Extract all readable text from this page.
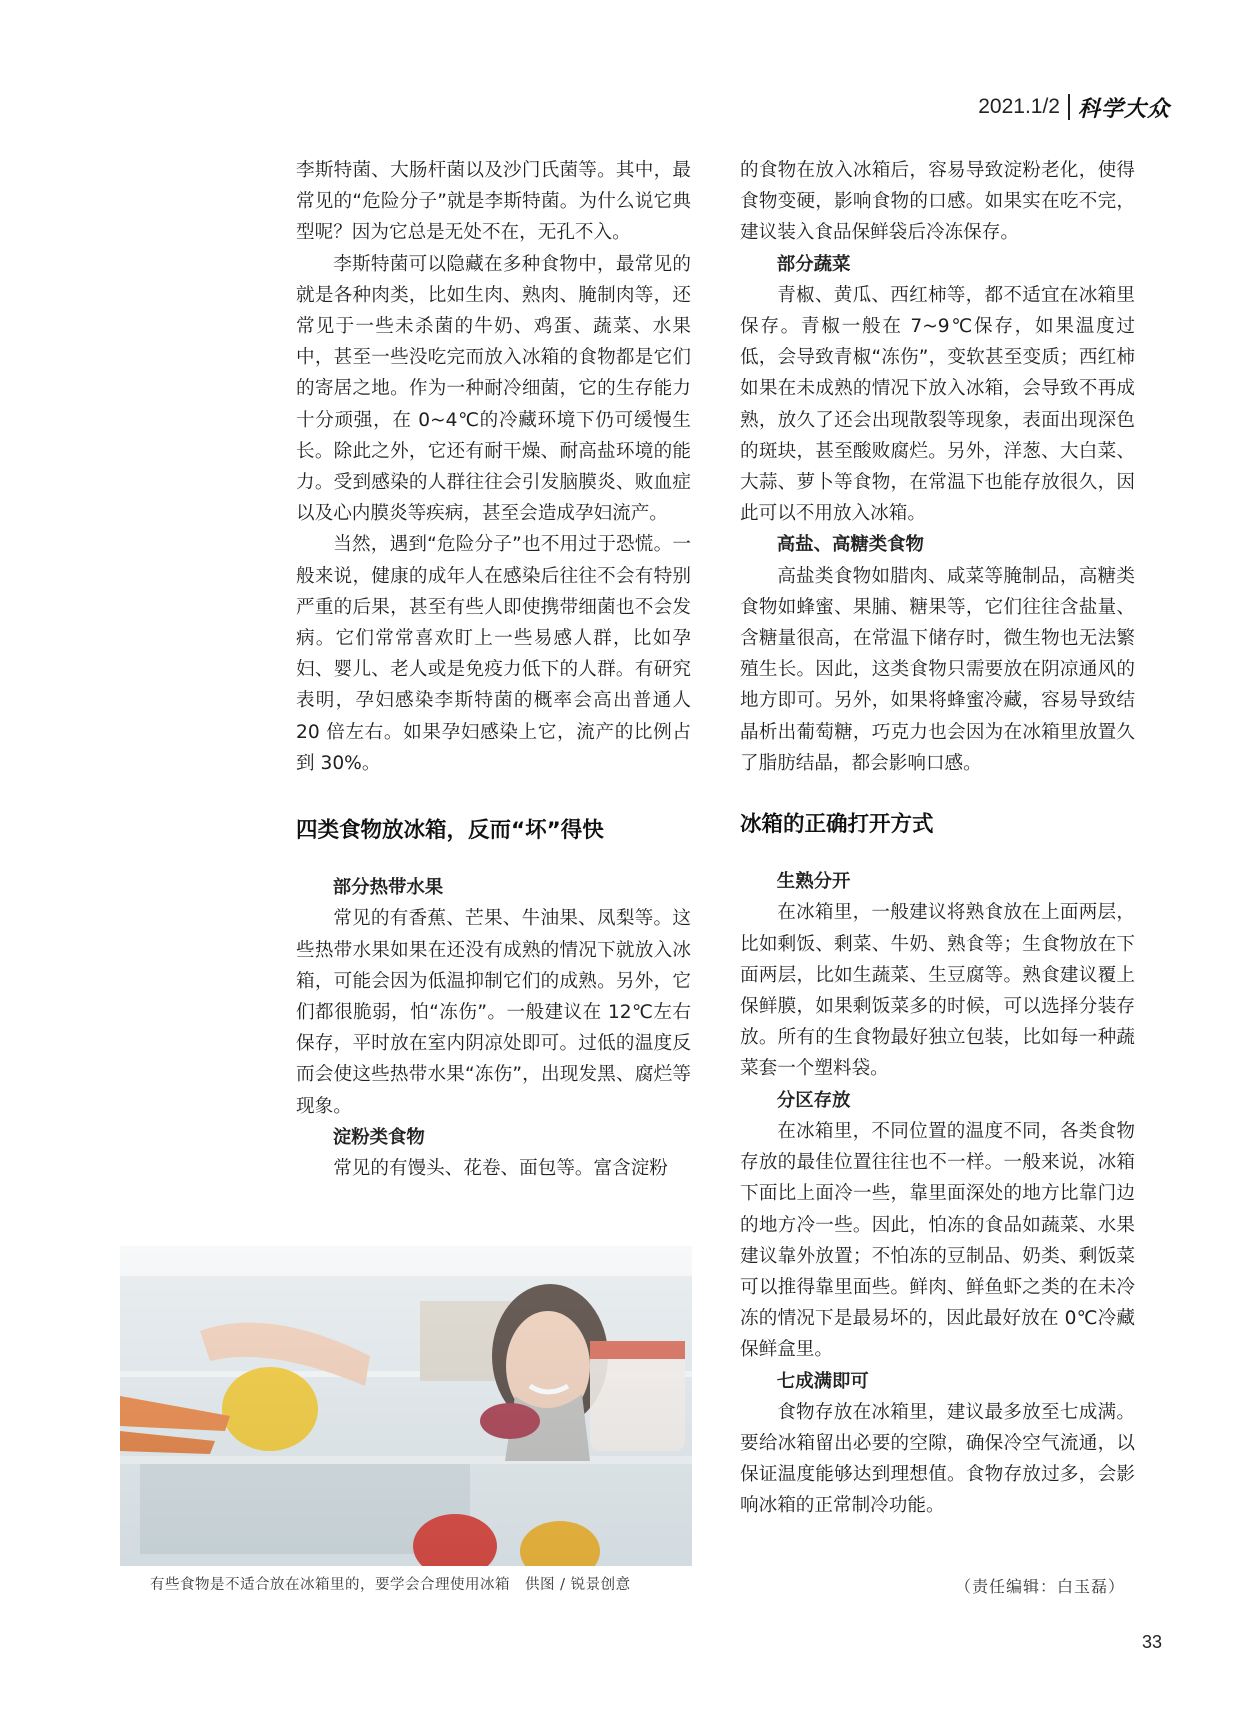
2021.1/2 科学大众

李斯特菌、大肠杆菌以及沙门氏菌等。其中，最常见的“危险分子”就是李斯特菌。为什么说它典型呢？因为它总是无处不在，无孔不入。

李斯特菌可以隐藏在多种食物中，最常见的就是各种肉类，比如生肉、熟肉、腌制肉等，还常见于一些未杀菌的牛奶、鸡蛋、蔬菜、水果中，甚至一些没吃完而放入冰箱的食物都是它们的寄居之地。作为一种耐冷细菌，它的生存能力十分顽强，在 0~4℃的冷藏环境下仍可缓慢生长。除此之外，它还有耐干燥、耐高盐环境的能力。受到感染的人群往往会引发脑膜炎、败血症以及心内膜炎等疾病，甚至会造成孕妇流产。

当然，遇到“危险分子”也不用过于恐慌。一般来说，健康的成年人在感染后往往不会有特别严重的后果，甚至有些人即使携带细菌也不会发病。它们常常喜欢盯上一些易感人群，比如孕妇、婴儿、老人或是免疫力低下的人群。有研究表明，孕妇感染李斯特菌的概率会高出普通人 20 倍左右。如果孕妇感染上它，流产的比例占到 30%。

四类食物放冰箱，反而“坏”得快
部分热带水果

常见的有香蕉、芒果、牛油果、凤梨等。这些热带水果如果在还没有成熟的情况下就放入冰箱，可能会因为低温抑制它们的成熟。另外，它们都很脆弱，怕“冻伤”。一般建议在 12℃左右保存，平时放在室内阴凉处即可。过低的温度反而会使这些热带水果“冻伤”，出现发黑、腐烂等现象。

淀粉类食物

常见的有馒头、花卷、面包等。富含淀粉

的食物在放入冰箱后，容易导致淀粉老化，使得食物变硬，影响食物的口感。如果实在吃不完，建议装入食品保鲜袋后冷冻保存。

部分蔬菜

青椒、黄瓜、西红柿等，都不适宜在冰箱里保存。青椒一般在 7~9℃保存，如果温度过低，会导致青椒“冻伤”，变软甚至变质；西红柿如果在未成熟的情况下放入冰箱，会导致不再成熟，放久了还会出现散裂等现象，表面出现深色的斑块，甚至酸败腐烂。另外，洋葱、大白菜、大蒜、萝卜等食物，在常温下也能存放很久，因此可以不用放入冰箱。

高盐、高糖类食物

高盐类食物如腊肉、咸菜等腌制品，高糖类食物如蜂蜜、果脯、糖果等，它们往往含盐量、含糖量很高，在常温下储存时，微生物也无法繁殖生长。因此，这类食物只需要放在阴凉通风的地方即可。另外，如果将蜂蜜冷藏，容易导致结晶析出葡萄糖，巧克力也会因为在冰箱里放置久了脂肪结晶，都会影响口感。

冰箱的正确打开方式
生熟分开

在冰箱里，一般建议将熟食放在上面两层，比如剩饭、剩菜、牛奶、熟食等；生食物放在下面两层，比如生蔬菜、生豆腐等。熟食建议覆上保鲜膜，如果剩饭菜多的时候，可以选择分装存放。所有的生食物最好独立包装，比如每一种蔬菜套一个塑料袋。

分区存放

在冰箱里，不同位置的温度不同，各类食物存放的最佳位置往往也不一样。一般来说，冰箱下面比上面冷一些，靠里面深处的地方比靠门边的地方冷一些。因此，怕冻的食品如蔬菜、水果建议靠外放置；不怕冻的豆制品、奶类、剩饭菜可以推得靠里面些。鲜肉、鲜鱼虾之类的在未冷冻的情况下是最易坏的，因此最好放在 0℃冷藏保鲜盒里。

七成满即可

食物存放在冰箱里，建议最多放至七成满。要给冰箱留出必要的空隙，确保冷空气流通，以保证温度能够达到理想值。食物存放过多，会影响冰箱的正常制冷功能。

有些食物是不适合放在冰箱里的，要学会合理使用冰箱　供图 / 锐景创意	（责任编辑：白玉磊）
33
